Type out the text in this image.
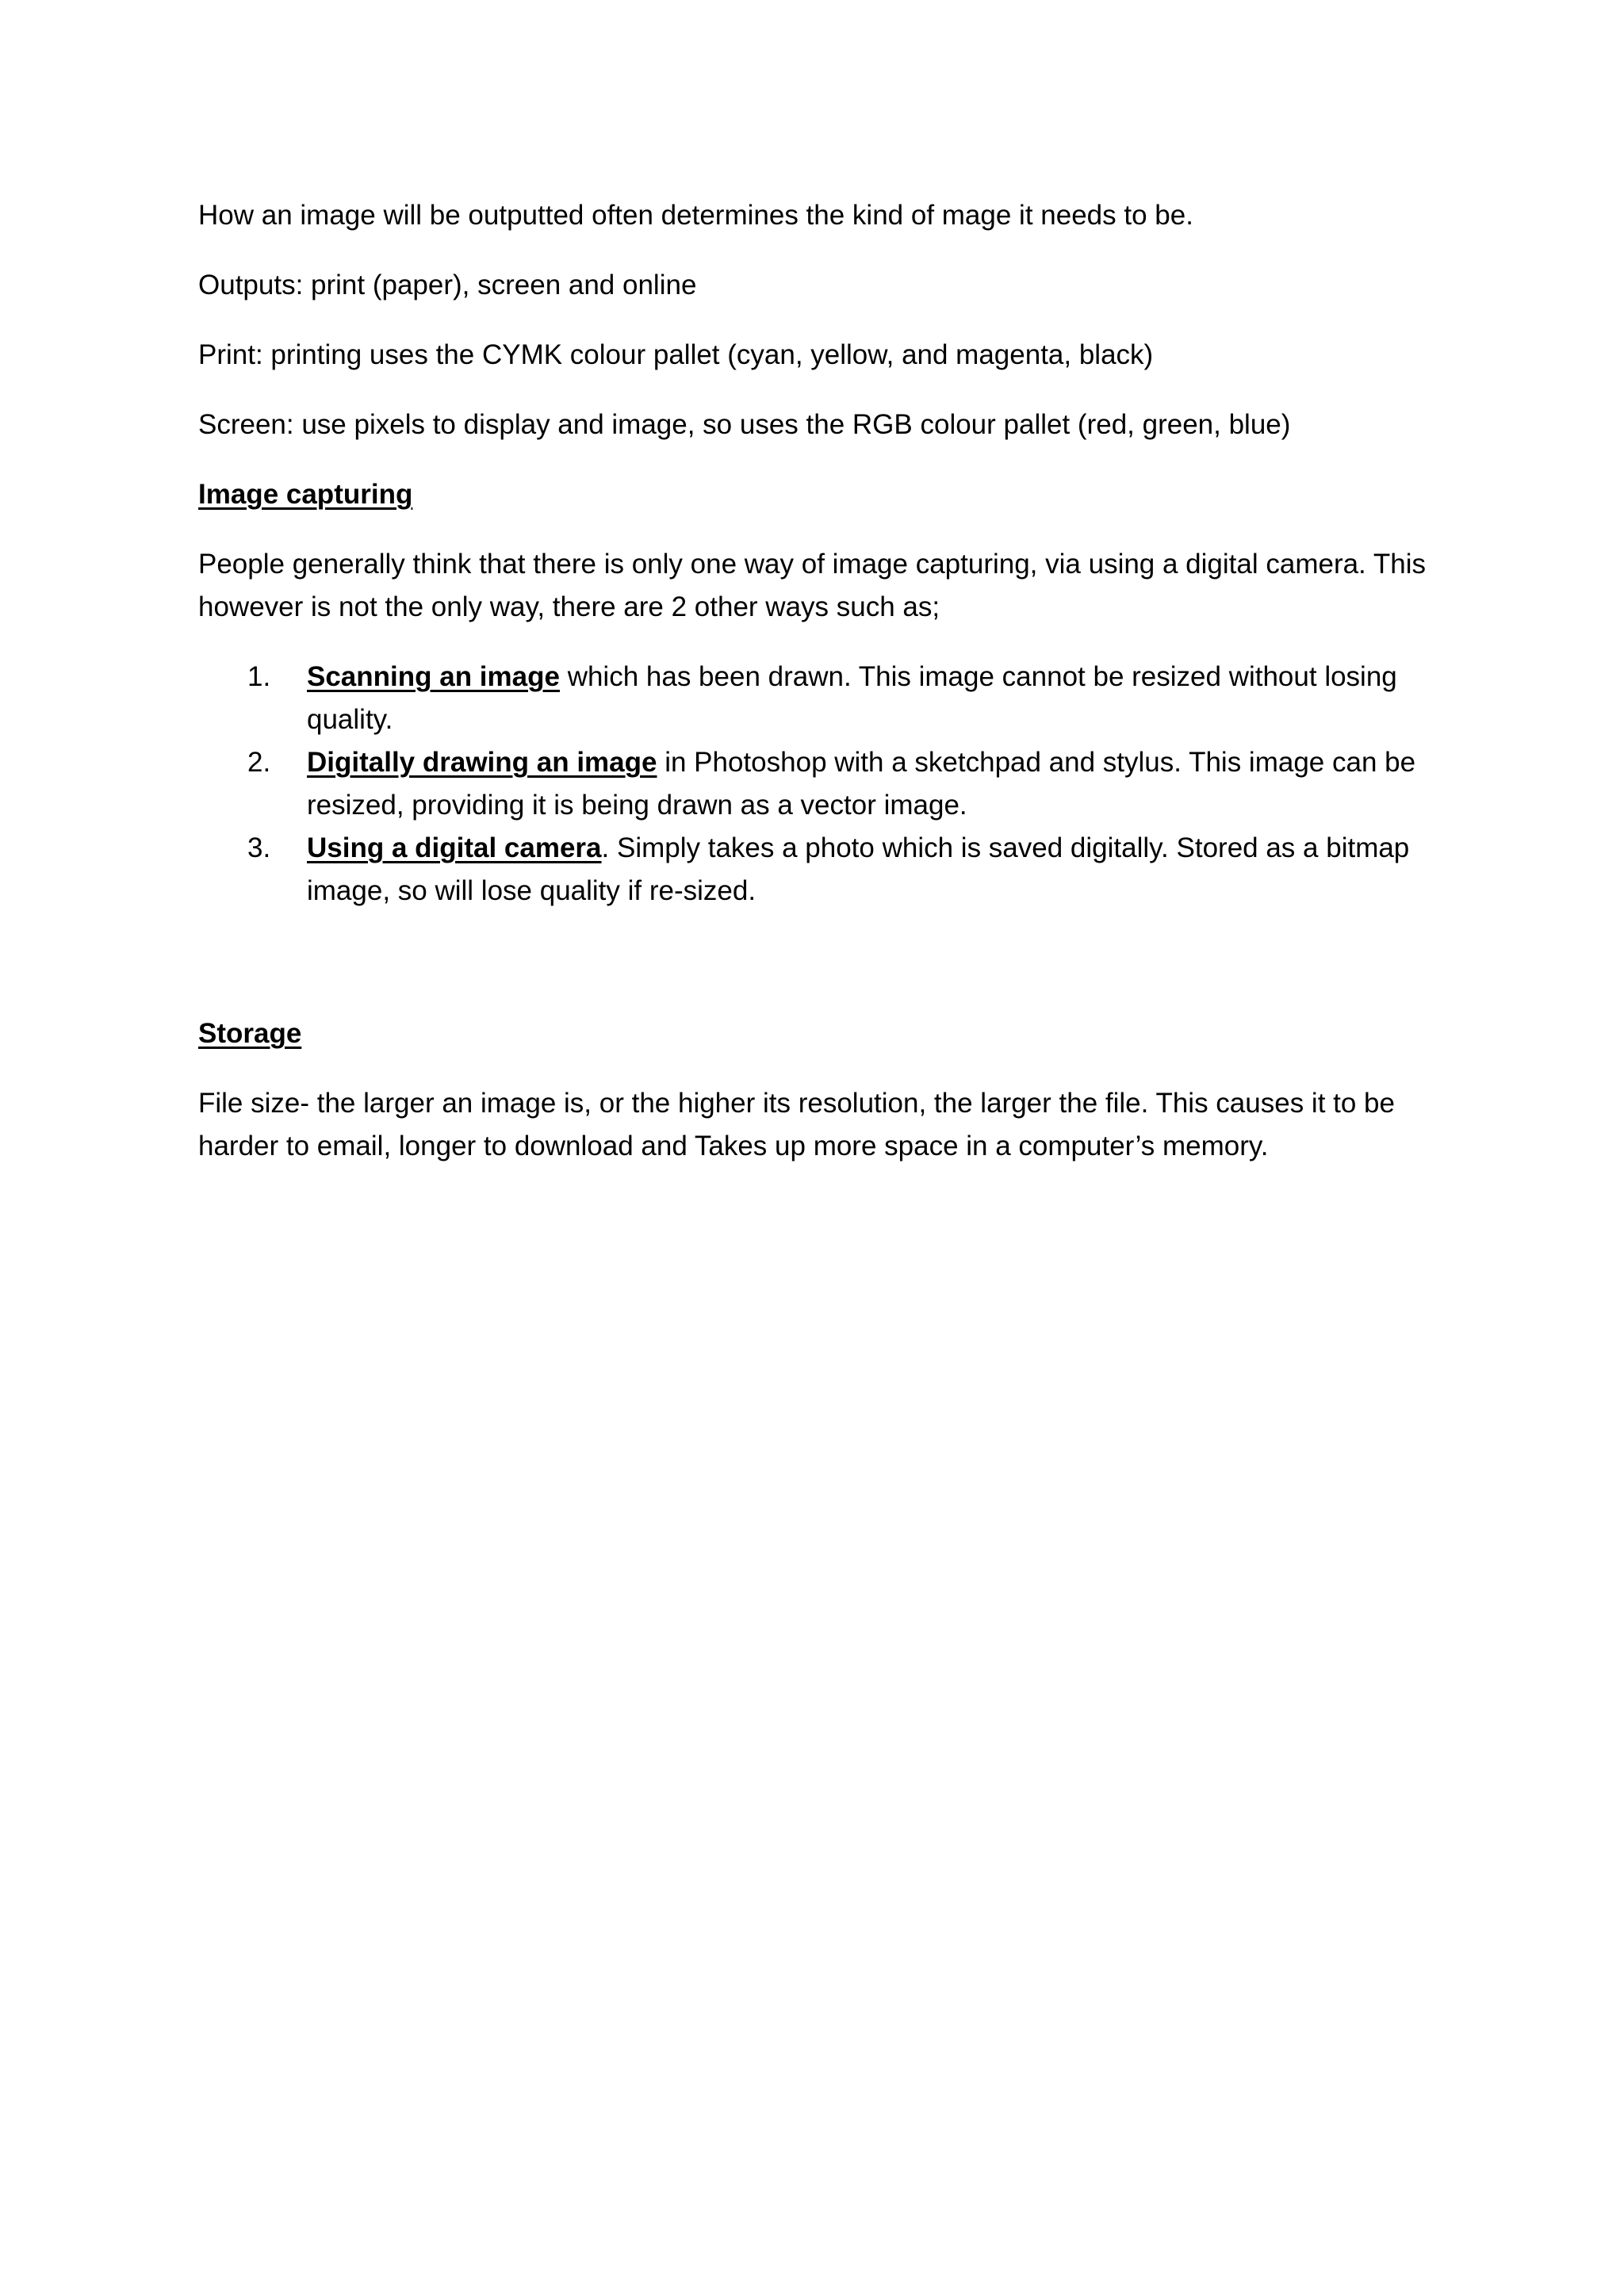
How an image will be outputted often determines the kind of mage it needs to be.

Outputs: print (paper), screen and online

Print: printing uses the CYMK colour pallet (cyan, yellow, and magenta, black)

Screen: use pixels to display and image, so uses the RGB colour pallet (red, green, blue)

Image capturing

People generally think that there is only one way of image capturing, via using a digital camera. This however is not the only way, there are 2 other ways such as;

1.	Scanning an image which has been drawn. This image cannot be resized without losing quality.
2.	Digitally drawing an image in Photoshop with a sketchpad and stylus. This image can be resized, providing it is being drawn as a vector image.
3.	Using a digital camera. Simply takes a photo which is saved digitally. Stored as a bitmap image, so will lose quality if re-sized.

Storage

File size- the larger an image is, or the higher its resolution, the larger the file. This causes it to be harder to email, longer to download and Takes up more space in a computer’s memory.
